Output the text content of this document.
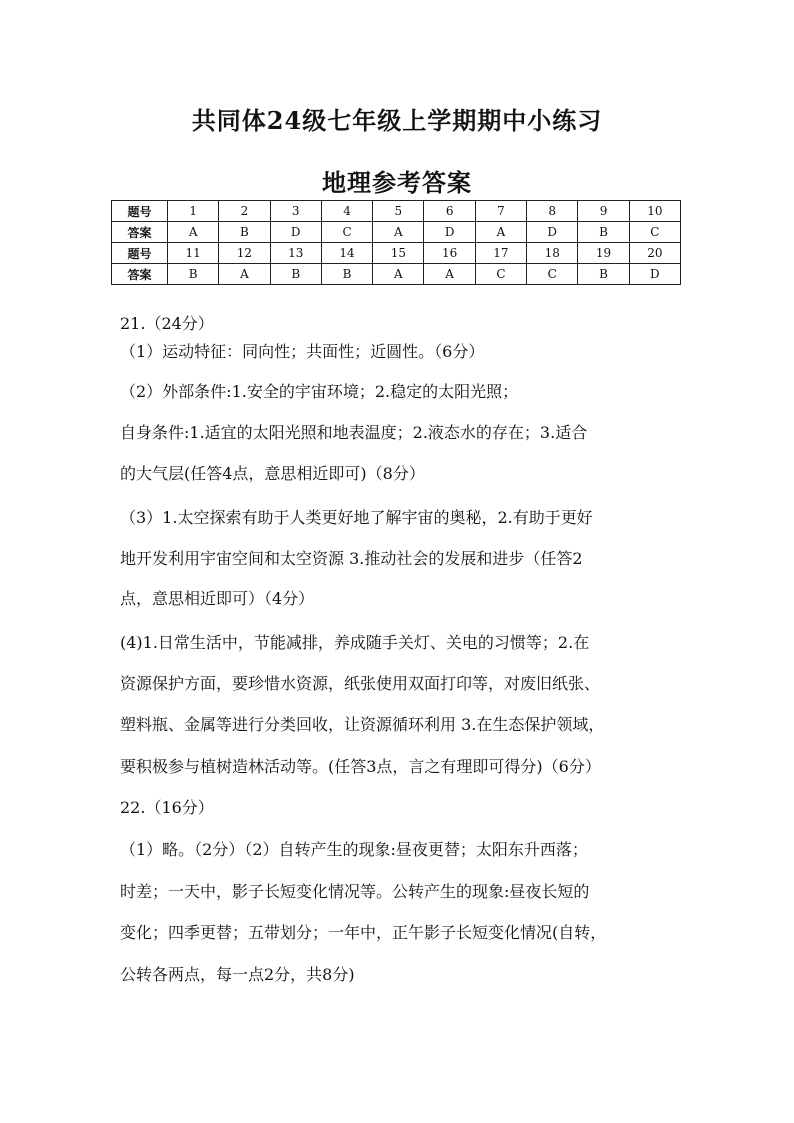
共同体24级七年级上学期期中小练习
地理参考答案
题号	1	2	3	4	5	6	7	8	9	10
答案	A	B	D	C	A	D	A	D	B	C
题号	11	12	13	14	15	16	17	18	19	20
答案	B	A	B	B	A	A	C	C	B	D
21.（24分）
（1）运动特征：同向性；共面性；近圆性。（6分）
（2）外部条件:1.安全的宇宙环境；2.稳定的太阳光照；
自身条件:1.适宜的太阳光照和地表温度；2.液态水的存在；3.适合
的大气层(任答4点，意思相近即可)（8分）
（3）1.太空探索有助于人类更好地了解宇宙的奥秘，2.有助于更好
地开发利用宇宙空间和太空资源 3.推动社会的发展和进步（任答2
点，意思相近即可）（4分）
(4)1.日常生活中，节能减排，养成随手关灯、关电的习惯等；2.在
资源保护方面，要珍惜水资源，纸张使用双面打印等，对废旧纸张、
塑料瓶、金属等进行分类回收，让资源循环利用 3.在生态保护领域，
要积极参与植树造林活动等。(任答3点，言之有理即可得分)（6分）
22.（16分）
（1）略。（2分）（2）自转产生的现象:昼夜更替；太阳东升西落；
时差；一天中，影子长短变化情况等。公转产生的现象:昼夜长短的
变化；四季更替；五带划分；一年中，正午影子长短变化情况(自转，
公转各两点，每一点2分，共8分)
